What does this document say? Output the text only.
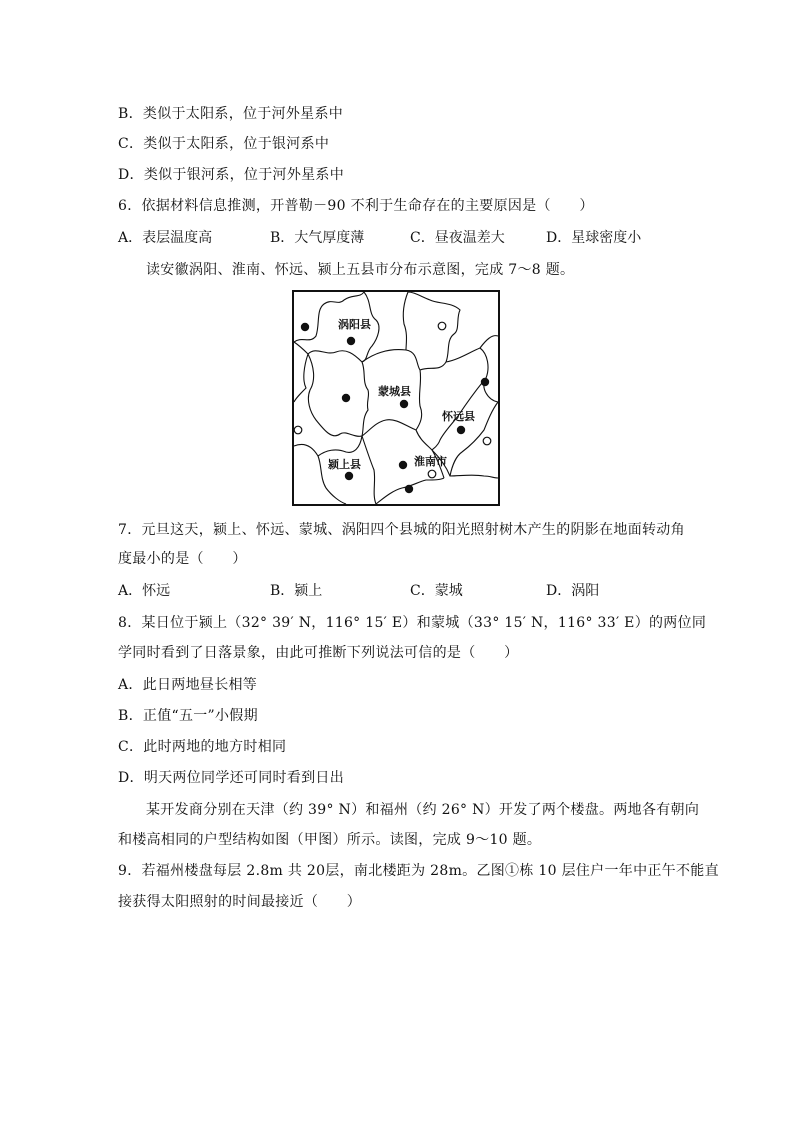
B．类似于太阳系，位于河外星系中
C．类似于太阳系，位于银河系中
D．类似于银河系，位于河外星系中
6．依据材料信息推测，开普勒－90 不利于生命存在的主要原因是（　　）
A．表层温度高	B．大气厚度薄	C．昼夜温差大	D．星球密度小
读安徽涡阳、淮南、怀远、颍上五县市分布示意图，完成 7～8 题。
涡阳县
蒙城县
怀远县
颍上县	淮南市
7．元旦这天，颍上、怀远、蒙城、涡阳四个县城的阳光照射树木产生的阴影在地面转动角
度最小的是（　　）
A．怀远	B．颍上	C．蒙城	D．涡阳
8．某日位于颍上（32° 39′ N，116° 15′ E）和蒙城（33° 15′ N，116° 33′ E）的两位同
学同时看到了日落景象，由此可推断下列说法可信的是（　　）
A．此日两地昼长相等
B．正值“五一”小假期
C．此时两地的地方时相同
D．明天两位同学还可同时看到日出
某开发商分别在天津（约 39° N）和福州（约 26° N）开发了两个楼盘。两地各有朝向
和楼高相同的户型结构如图（甲图）所示。读图，完成 9～10 题。
9．若福州楼盘每层 2.8m 共 20层，南北楼距为 28m。乙图①栋 10 层住户一年中正午不能直
接获得太阳照射的时间最接近（　　）
